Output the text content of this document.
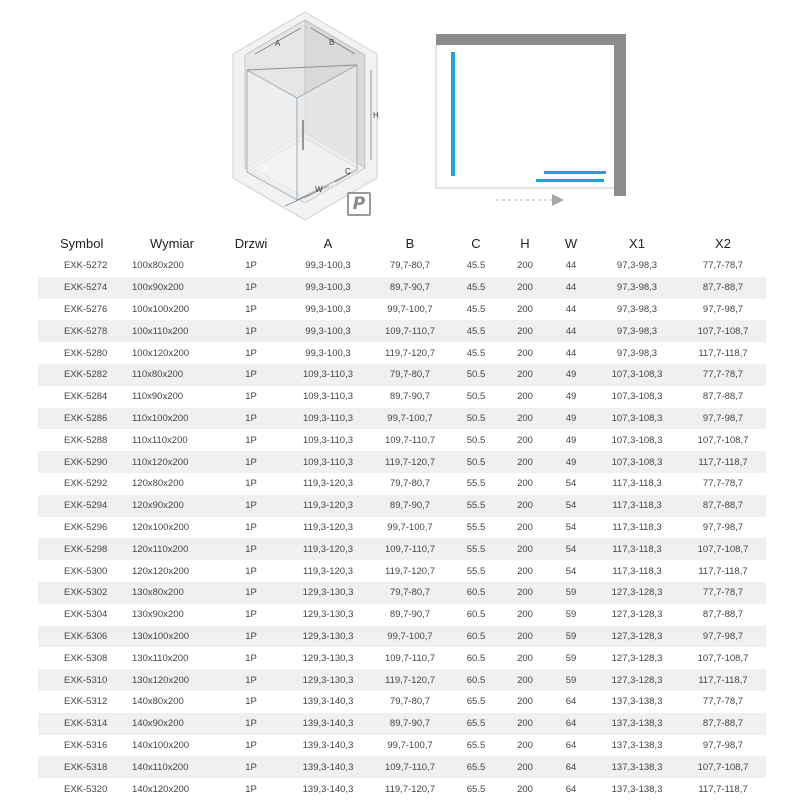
A	B
H
W
C
P
Symbol	Wymiar	Drzwi	A	B	C	H	W	X1	X2
EXK-5272	100x80x200	1P	99,3-100,3	79,7-80,7	45.5	200	44	97,3-98,3	77,7-78,7
EXK-5274	100x90x200	1P	99,3-100,3	89,7-90,7	45.5	200	44	97,3-98,3	87,7-88,7
EXK-5276	100x100x200	1P	99,3-100,3	99,7-100,7	45.5	200	44	97,3-98,3	97,7-98,7
EXK-5278	100x110x200	1P	99,3-100,3	109,7-110,7	45.5	200	44	97,3-98,3	107,7-108,7
EXK-5280	100x120x200	1P	99,3-100,3	119,7-120,7	45.5	200	44	97,3-98,3	117,7-118,7
EXK-5282	110x80x200	1P	109,3-110,3	79,7-80,7	50.5	200	49	107,3-108,3	77,7-78,7
EXK-5284	110x90x200	1P	109,3-110,3	89,7-90,7	50.5	200	49	107,3-108,3	87,7-88,7
EXK-5286	110x100x200	1P	109,3-110,3	99,7-100,7	50.5	200	49	107,3-108,3	97,7-98,7
EXK-5288	110x110x200	1P	109,3-110,3	109,7-110,7	50.5	200	49	107,3-108,3	107,7-108,7
EXK-5290	110x120x200	1P	109,3-110,3	119,7-120,7	50.5	200	49	107,3-108,3	117,7-118,7
EXK-5292	120x80x200	1P	119,3-120,3	79,7-80,7	55.5	200	54	117,3-118,3	77,7-78,7
EXK-5294	120x90x200	1P	119,3-120,3	89,7-90,7	55.5	200	54	117,3-118,3	87,7-88,7
EXK-5296	120x100x200	1P	119,3-120,3	99,7-100,7	55.5	200	54	117,3-118,3	97,7-98,7
EXK-5298	120x110x200	1P	119,3-120,3	109,7-110,7	55.5	200	54	117,3-118,3	107,7-108,7
EXK-5300	120x120x200	1P	119,3-120,3	119,7-120,7	55.5	200	54	117,3-118,3	117,7-118,7
EXK-5302	130x80x200	1P	129,3-130,3	79,7-80,7	60.5	200	59	127,3-128,3	77,7-78,7
EXK-5304	130x90x200	1P	129,3-130,3	89,7-90,7	60.5	200	59	127,3-128,3	87,7-88,7
EXK-5306	130x100x200	1P	129,3-130,3	99,7-100,7	60.5	200	59	127,3-128,3	97,7-98,7
EXK-5308	130x110x200	1P	129,3-130,3	109,7-110,7	60.5	200	59	127,3-128,3	107,7-108,7
EXK-5310	130x120x200	1P	129,3-130,3	119,7-120,7	60.5	200	59	127,3-128,3	117,7-118,7
EXK-5312	140x80x200	1P	139,3-140,3	79,7-80,7	65.5	200	64	137,3-138,3	77,7-78,7
EXK-5314	140x90x200	1P	139,3-140,3	89,7-90,7	65.5	200	64	137,3-138,3	87,7-88,7
EXK-5316	140x100x200	1P	139,3-140,3	99,7-100,7	65.5	200	64	137,3-138,3	97,7-98,7
EXK-5318	140x110x200	1P	139,3-140,3	109,7-110,7	65.5	200	64	137,3-138,3	107,7-108,7
EXK-5320	140x120x200	1P	139,3-140,3	119,7-120,7	65.5	200	64	137,3-138,3	117,7-118,7
